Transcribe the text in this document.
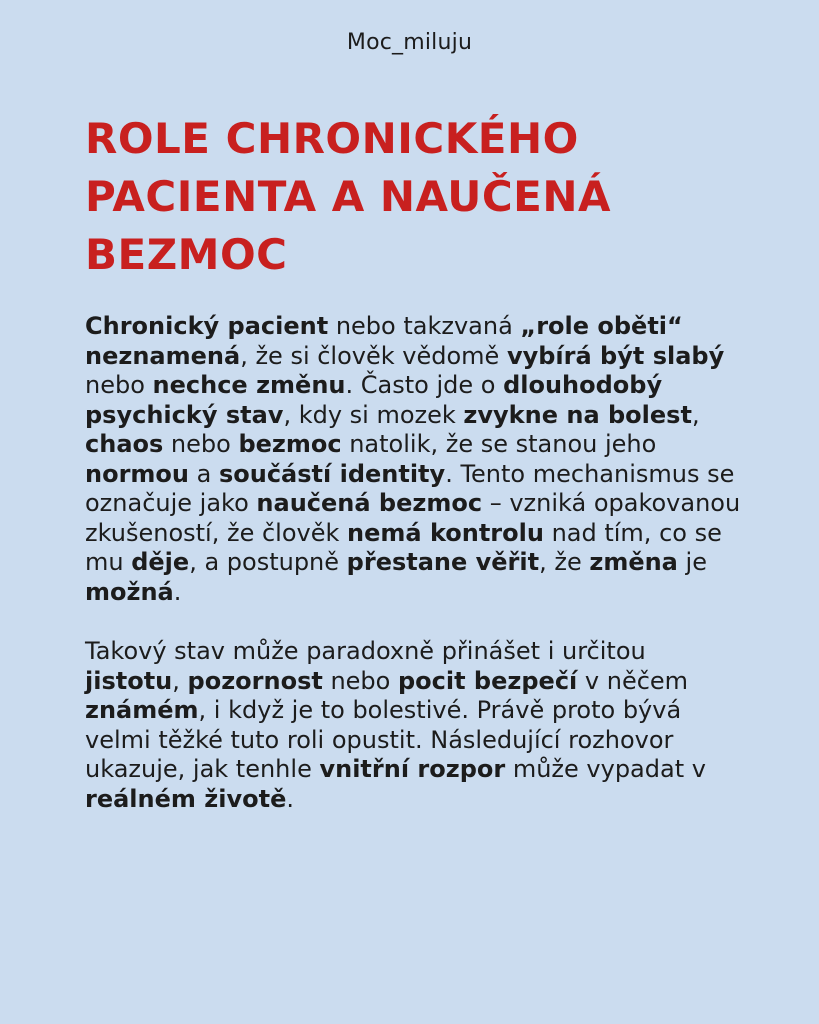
Moc_miluju
ROLE CHRONICKÉHO PACIENTA A NAUČENÁ BEZMOC

Chronický pacient nebo takzvaná „role oběti“ neznamená, že si člověk vědomě vybírá být slabý nebo nechce změnu. Často jde o dlouhodobý psychický stav, kdy si mozek zvykne na bolest, chaos nebo bezmoc natolik, že se stanou jeho normou a součástí identity. Tento mechanismus se označuje jako naučená bezmoc – vzniká opakovanou zkušeností, že člověk nemá kontrolu nad tím, co se mu děje, a postupně přestane věřit, že změna je možná.

Takový stav může paradoxně přinášet i určitou jistotu, pozornost nebo pocit bezpečí v něčem známém, i když je to bolestivé. Právě proto bývá velmi těžké tuto roli opustit. Následující rozhovor ukazuje, jak tenhle vnitřní rozpor může vypadat v reálném životě.
